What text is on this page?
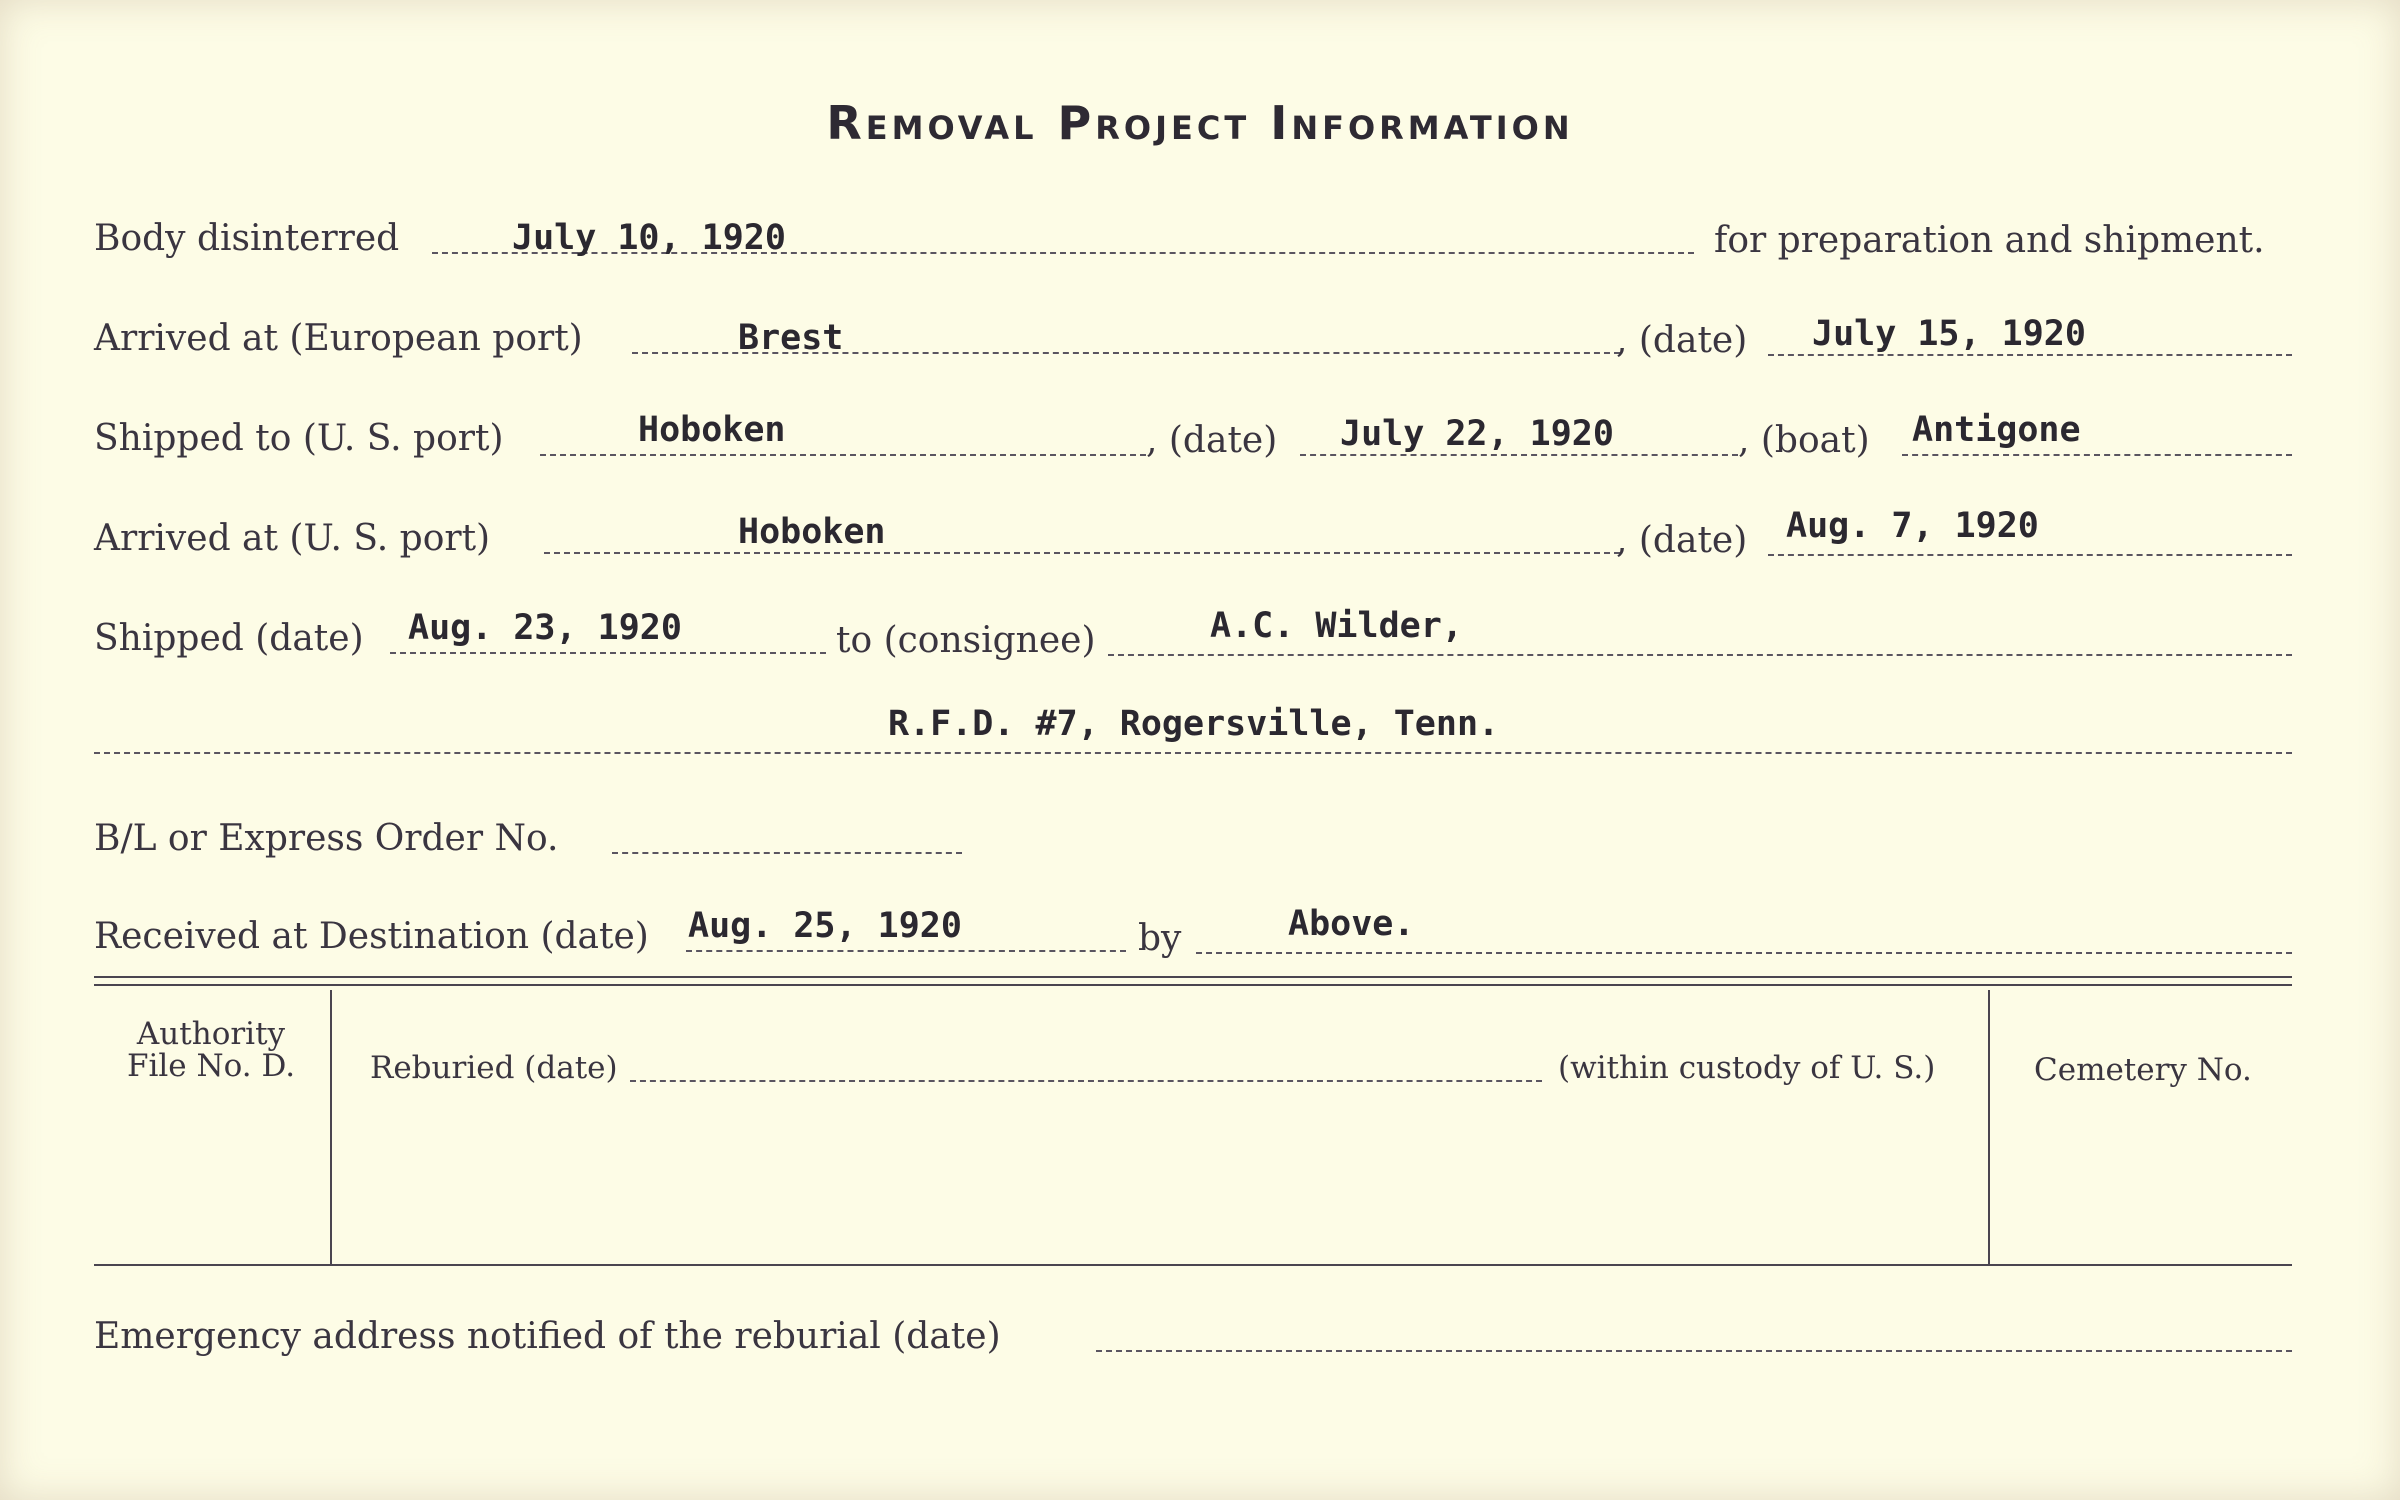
Removal Project Information
Body disinterred	July 10, 1920	for preparation and shipment.
Arrived at (European port)	Brest	, (date) July 15, 1920
Shipped to (U. S. port)	Hoboken	, (date) July 22, 1920	, (boat) Antigone
Arrived at (U. S. port)	Hoboken	, (date) Aug. 7, 1920
Shipped (date) Aug. 23, 1920	to (consignee)	A.C. Wilder,
R.F.D. #7, Rogersville, Tenn.
B/L or Express Order No.
Received at Destination (date) Aug. 25, 1920	by	Above.
Authority
File No. D.	Reburied (date)	(within custody of U. S.)	Cemetery No.
Emergency address notified of the reburial (date)
